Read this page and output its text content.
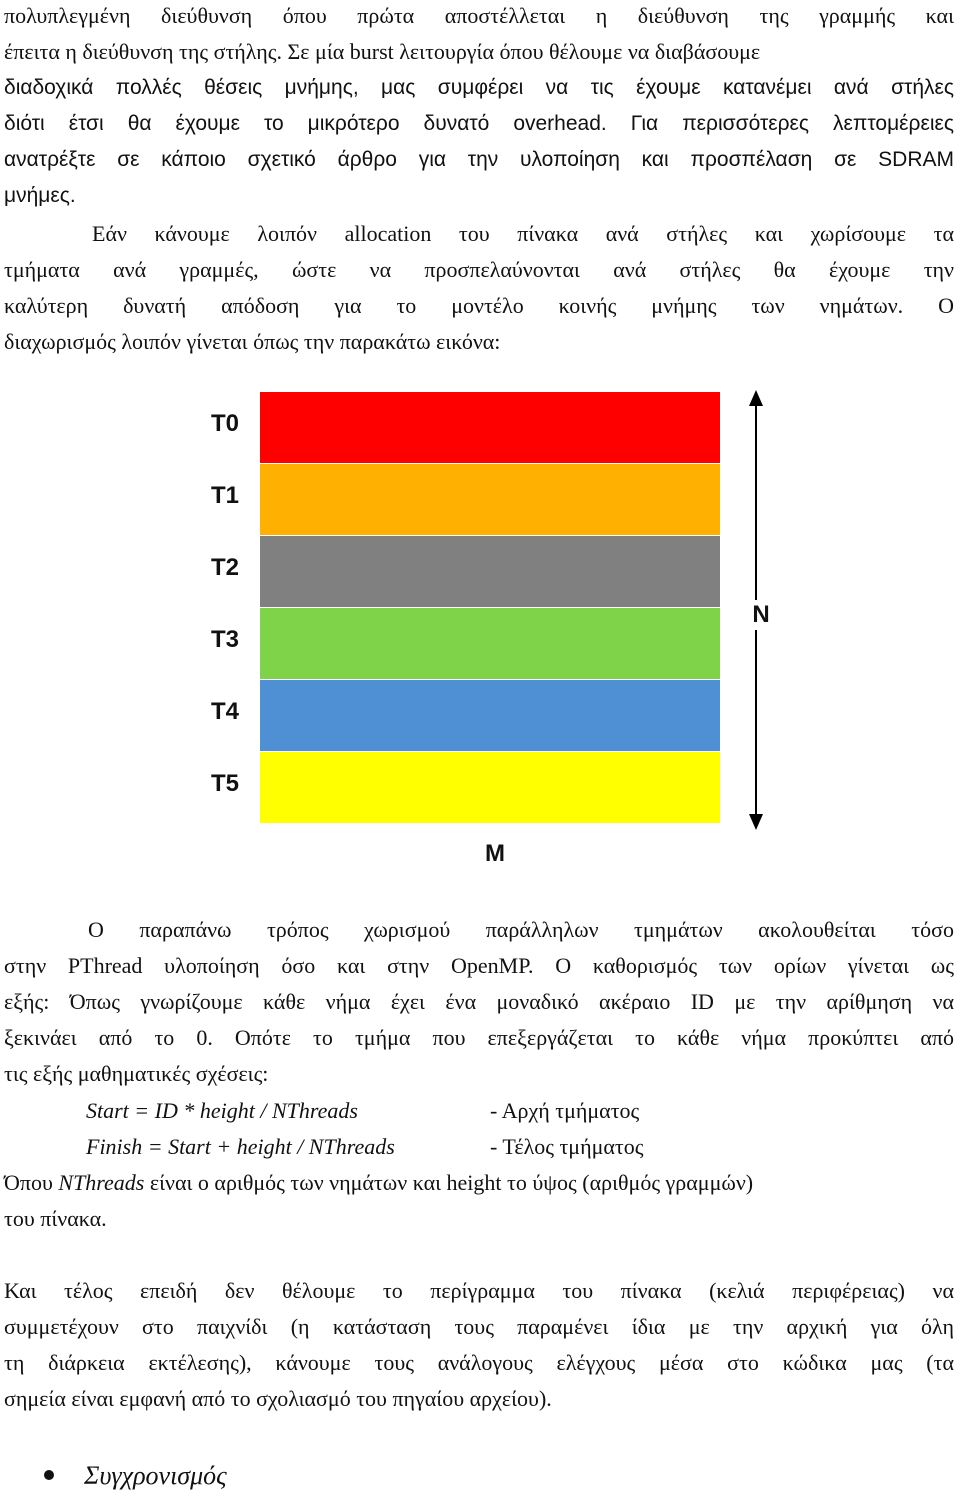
πολυπλεγμένη διεύθυνση όπου πρώτα αποστέλλεται η διεύθυνση της γραμμής και
έπειτα η διεύθυνση της στήλης. Σε μία burst λειτουργία όπου θέλουμε να διαβάσουμε
διαδοχικά πολλές θέσεις μνήμης, μας συμφέρει να τις έχουμε κατανέμει ανά στήλες
διότι έτσι θα έχουμε το μικρότερο δυνατό overhead. Για περισσότερες λεπτομέρειες
ανατρέξτε σε κάποιο σχετικό άρθρο για την υλοποίηση και προσπέλαση σε SDRAM
μνήμες.
Εάν κάνουμε λοιπόν allocation του πίνακα ανά στήλες και χωρίσουμε τα
τμήματα ανά γραμμές, ώστε να προσπελαύνονται ανά στήλες θα έχουμε την
καλύτερη δυνατή απόδοση για το μοντέλο κοινής μνήμης των νημάτων. Ο
διαχωρισμός λοιπόν γίνεται όπως την παρακάτω εικόνα:
T0
T1
T2
T3
T4
T5
N
M
Ο παραπάνω τρόπος χωρισμού παράλληλων τμημάτων ακολουθείται τόσο
στην PThread υλοποίηση όσο και στην OpenMP. Ο καθορισμός των ορίων γίνεται ως
εξής: Όπως γνωρίζουμε κάθε νήμα έχει ένα μοναδικό ακέραιο ID με την αρίθμηση να
ξεκινάει από το 0. Οπότε το τμήμα που επεξεργάζεται το κάθε νήμα προκύπτει από
τις εξής μαθηματικές σχέσεις:
Start = ID * height / NThreads	- Αρχή τμήματος
Finish = Start + height / NThreads	- Τέλος τμήματος
Όπου NThreads είναι ο αριθμός των νημάτων και height το ύψος (αριθμός γραμμών)
του πίνακα.
Και τέλος επειδή δεν θέλουμε το περίγραμμα του πίνακα (κελιά περιφέρειας) να
συμμετέχουν στο παιχνίδι (η κατάσταση τους παραμένει ίδια με την αρχική για όλη
τη διάρκεια εκτέλεσης), κάνουμε τους ανάλογους ελέγχους μέσα στο κώδικα μας (τα
σημεία είναι εμφανή από το σχολιασμό του πηγαίου αρχείου).
Συγχρονισμός
